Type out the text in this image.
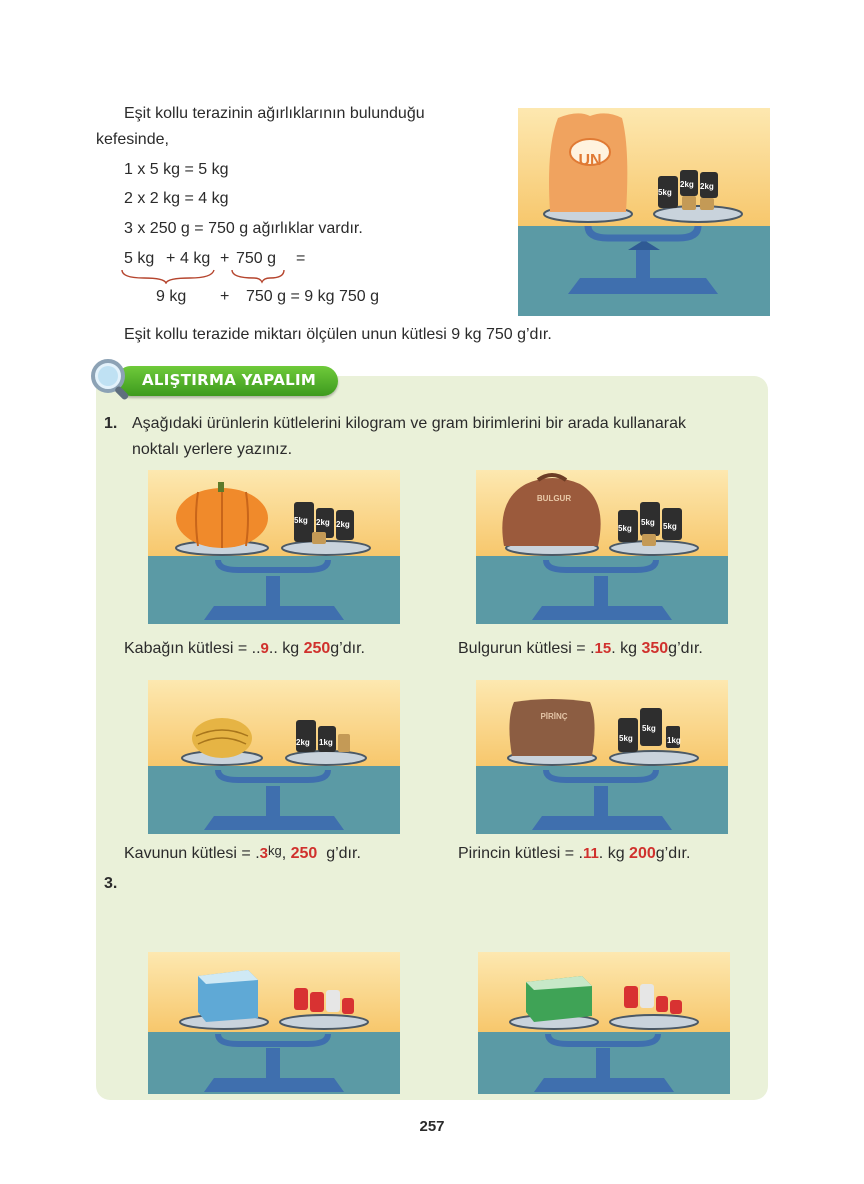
Eşit kollu terazinin ağırlıklarının bulunduğu
kefesinde,
1 x 5 kg = 5 kg
2 x 2 kg = 4 kg
3 x 250 g = 750 g ağırlıklar vardır.
5 kg + 4 kg + 750 g =
9 kg + 750 g = 9 kg 750 g
Eşit kollu terazide miktarı ölçülen unun kütlesi 9 kg 750 g’dır.
UN
5kg
2kg 2kg
ALIŞTIRMA YAPALIM
1. Aşağıdaki ürünlerin kütlelerini kilogram ve gram birimlerini bir arada kullanarak
noktalı yerlere yazınız.
5kg 2kg 2kg
Kabağın kütlesi = ..9.. kg 250g’dır.
BULGUR
5kg
5kg 5kg
Bulgurun kütlesi = .15. kg 350g’dır.
2kg 1kg
Kavunun kütlesi = .3kg, 250 g’dır.
PİRİNÇ
5kg
5kg
1kg
Pirincin kütlesi = .11. kg 200g’dır.
3.
257
